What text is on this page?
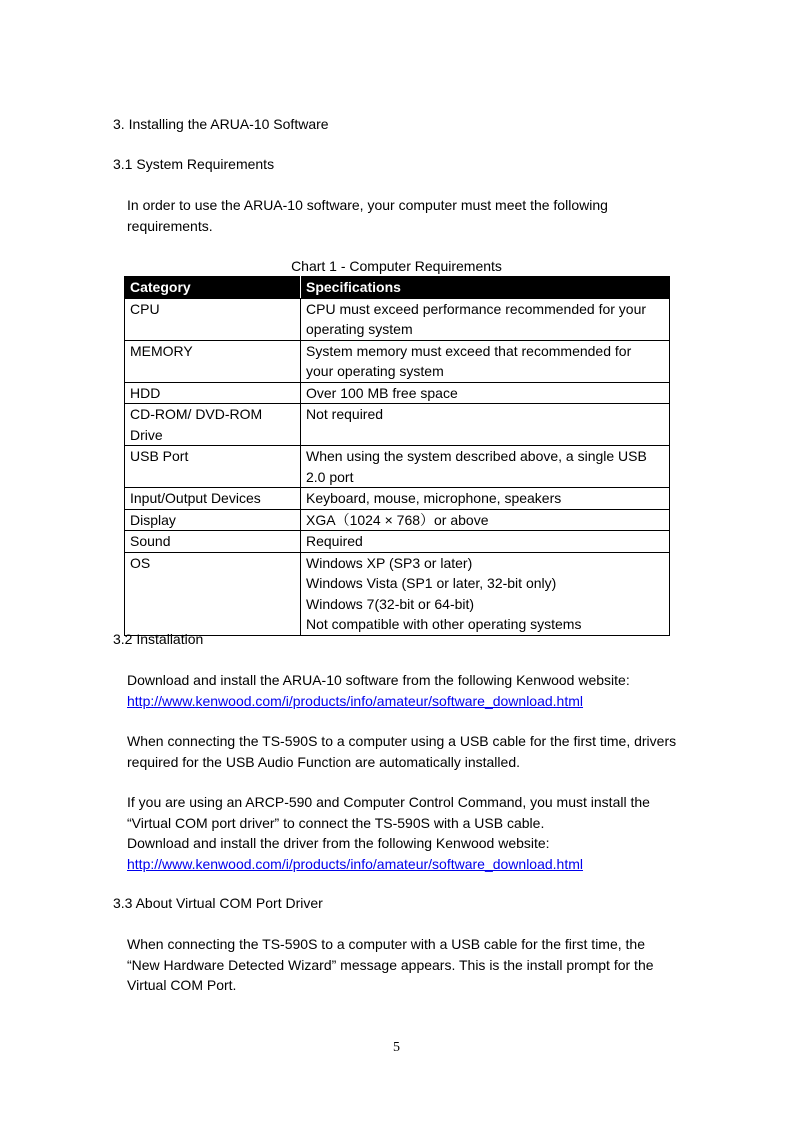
3. Installing the ARUA-10 Software
3.1 System Requirements
In order to use the ARUA-10 software, your computer must meet the following
requirements.
Chart 1 - Computer Requirements
Category	Specifications
CPU	CPU must exceed performance recommended for your
operating system

MEMORY	System memory must exceed that recommended for
your operating system

HDD	Over 100 MB free space

CD-ROM/ DVD-ROM Drive	Not required

USB Port	When using the system described above, a single USB
2.0 port

Input/Output Devices	Keyboard, mouse, microphone, speakers

Display	XGA（1024 × 768）or above

Sound	Required

OS	Windows XP (SP3 or later)
Windows Vista (SP1 or later, 32-bit only)
Windows 7(32-bit or 64-bit)
Not compatible with other operating systems
3.2 Installation
Download and install the ARUA-10 software from the following Kenwood website:
http://www.kenwood.com/i/products/info/amateur/software_download.html
When connecting the TS-590S to a computer using a USB cable for the first time, drivers
required for the USB Audio Function are automatically installed.
If you are using an ARCP-590 and Computer Control Command, you must install the
“Virtual COM port driver” to connect the TS-590S with a USB cable.
Download and install the driver from the following Kenwood website:
http://www.kenwood.com/i/products/info/amateur/software_download.html
3.3 About Virtual COM Port Driver
When connecting the TS-590S to a computer with a USB cable for the first time, the
“New Hardware Detected Wizard” message appears. This is the install prompt for the
Virtual COM Port.
5
